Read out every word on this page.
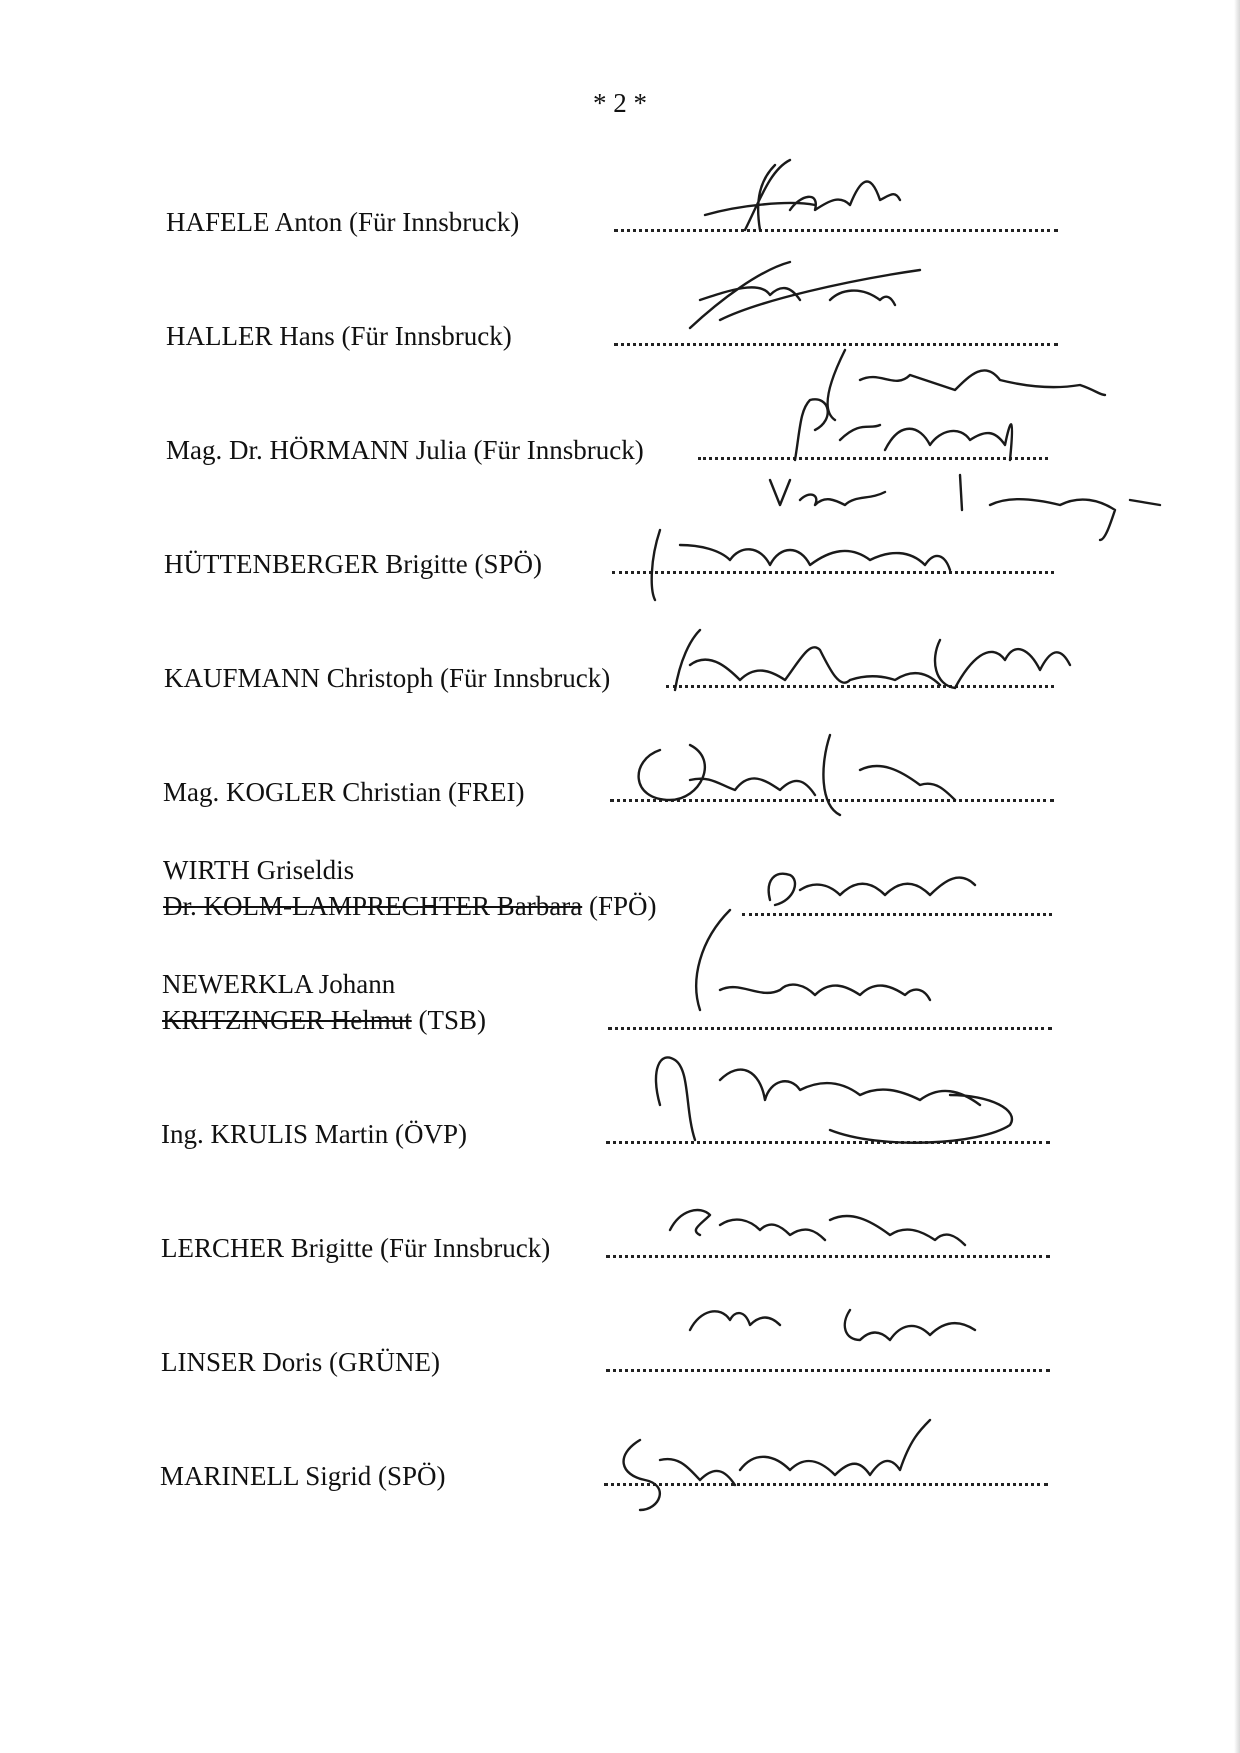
* 2 *
HAFELE Anton (Für Innsbruck)
HALLER Hans (Für Innsbruck)
Mag. Dr. HÖRMANN Julia (Für Innsbruck)
HÜTTENBERGER Brigitte (SPÖ)
KAUFMANN Christoph (Für Innsbruck)
Mag. KOGLER Christian (FREI)
WIRTH Griseldis
Dr. KOLM-LAMPRECHTER Barbara (FPÖ)
NEWERKLA Johann
KRITZINGER Helmut (TSB)
Ing. KRULIS Martin (ÖVP)
LERCHER Brigitte (Für Innsbruck)
LINSER Doris (GRÜNE)
MARINELL Sigrid (SPÖ)
